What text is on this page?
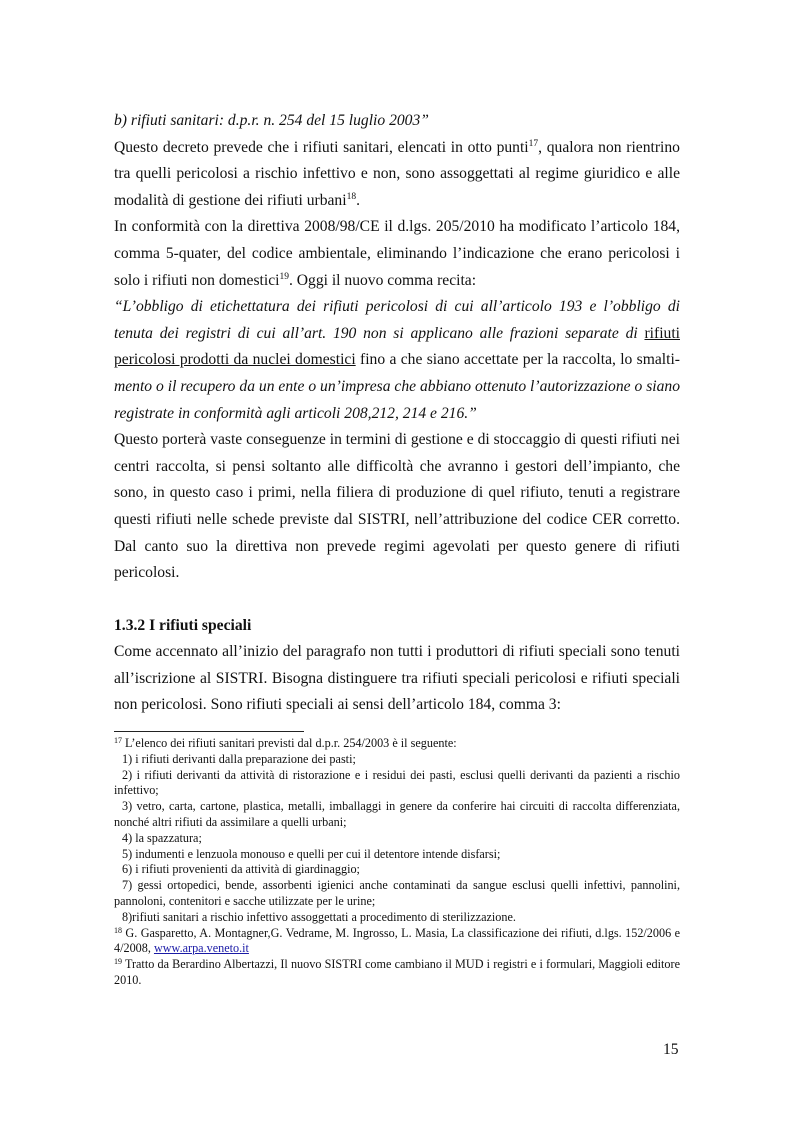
b) rifiuti sanitari: d.p.r. n. 254 del 15 luglio 2003”

Questo decreto prevede che i rifiuti sanitari, elencati in otto punti$^{17}$, qualora non rientrino tra quelli pericolosi a rischio infettivo e non, sono assoggettati al regime giuridico e alle modalità di gestione dei rifiuti urbani$^{18}$.

In conformità con la direttiva 2008/98/CE il d.lgs. 205/2010 ha modificato l’articolo 184, comma 5-quater, del codice ambientale, eliminando l’indicazione che erano pericolosi i solo i rifiuti non domestici$^{19}$. Oggi il nuovo comma recita:

“L’obbligo di etichettatura dei rifiuti pericolosi di cui all’articolo 193 e l’obbligo di tenuta dei registri di cui all’art. 190 non si applicano alle frazioni separate di rifiuti pericolosi prodotti da nuclei domestici fino a che siano accettate per la raccolta, lo smalti-mento o il recupero da un ente o un’impresa che abbiano ottenuto l’autorizzazione o siano registrate in conformità agli articoli 208,212, 214 e 216.”

Questo porterà vaste conseguenze in termini di gestione e di stoccaggio di questi rifiuti nei centri raccolta, si pensi soltanto alle difficoltà che avranno i gestori dell’impianto, che sono, in questo caso i primi, nella filiera di produzione di quel rifiuto, tenuti a registrare questi rifiuti nelle schede previste dal SISTRI, nell’attribuzione del codice CER corretto. Dal canto suo la direttiva non prevede regimi agevolati per questo genere di rifiuti pericolosi.

1.3.2 I rifiuti speciali

Come accennato all’inizio del paragrafo non tutti i produttori di rifiuti speciali sono tenuti all’iscrizione al SISTRI. Bisogna distinguere tra rifiuti speciali pericolosi e rifiuti speciali non pericolosi. Sono rifiuti speciali ai sensi dell’articolo 184, comma 3:

$^{17}$ L’elenco dei rifiuti sanitari previsti dal d.p.r. 254/2003 è il seguente:

1) i rifiuti derivanti dalla preparazione dei pasti;

2) i rifiuti derivanti da attività di ristorazione e i residui dei pasti, esclusi quelli derivanti da pazienti a rischio infettivo;

3) vetro, carta, cartone, plastica, metalli, imballaggi in genere da conferire hai circuiti di raccolta differenziata, nonché altri rifiuti da assimilare a quelli urbani;

4) la spazzatura;

5) indumenti e lenzuola monouso e quelli per cui il detentore intende disfarsi;

6) i rifiuti provenienti da attività di giardinaggio;

7) gessi ortopedici, bende, assorbenti igienici anche contaminati da sangue esclusi quelli infettivi, pannolini, pannoloni, contenitori e sacche utilizzate per le urine;

8)rifiuti sanitari a rischio infettivo assoggettati a procedimento di sterilizzazione.

$^{18}$ G. Gasparetto, A. Montagner,G. Vedrame, M. Ingrosso, L. Masia, La classificazione dei rifiuti, d.lgs. 152/2006 e 4/2008, www.arpa.veneto.it

$^{19}$ Tratto da Berardino Albertazzi, Il nuovo SISTRI come cambiano il MUD i registri e i formulari, Maggioli editore 2010.

15
